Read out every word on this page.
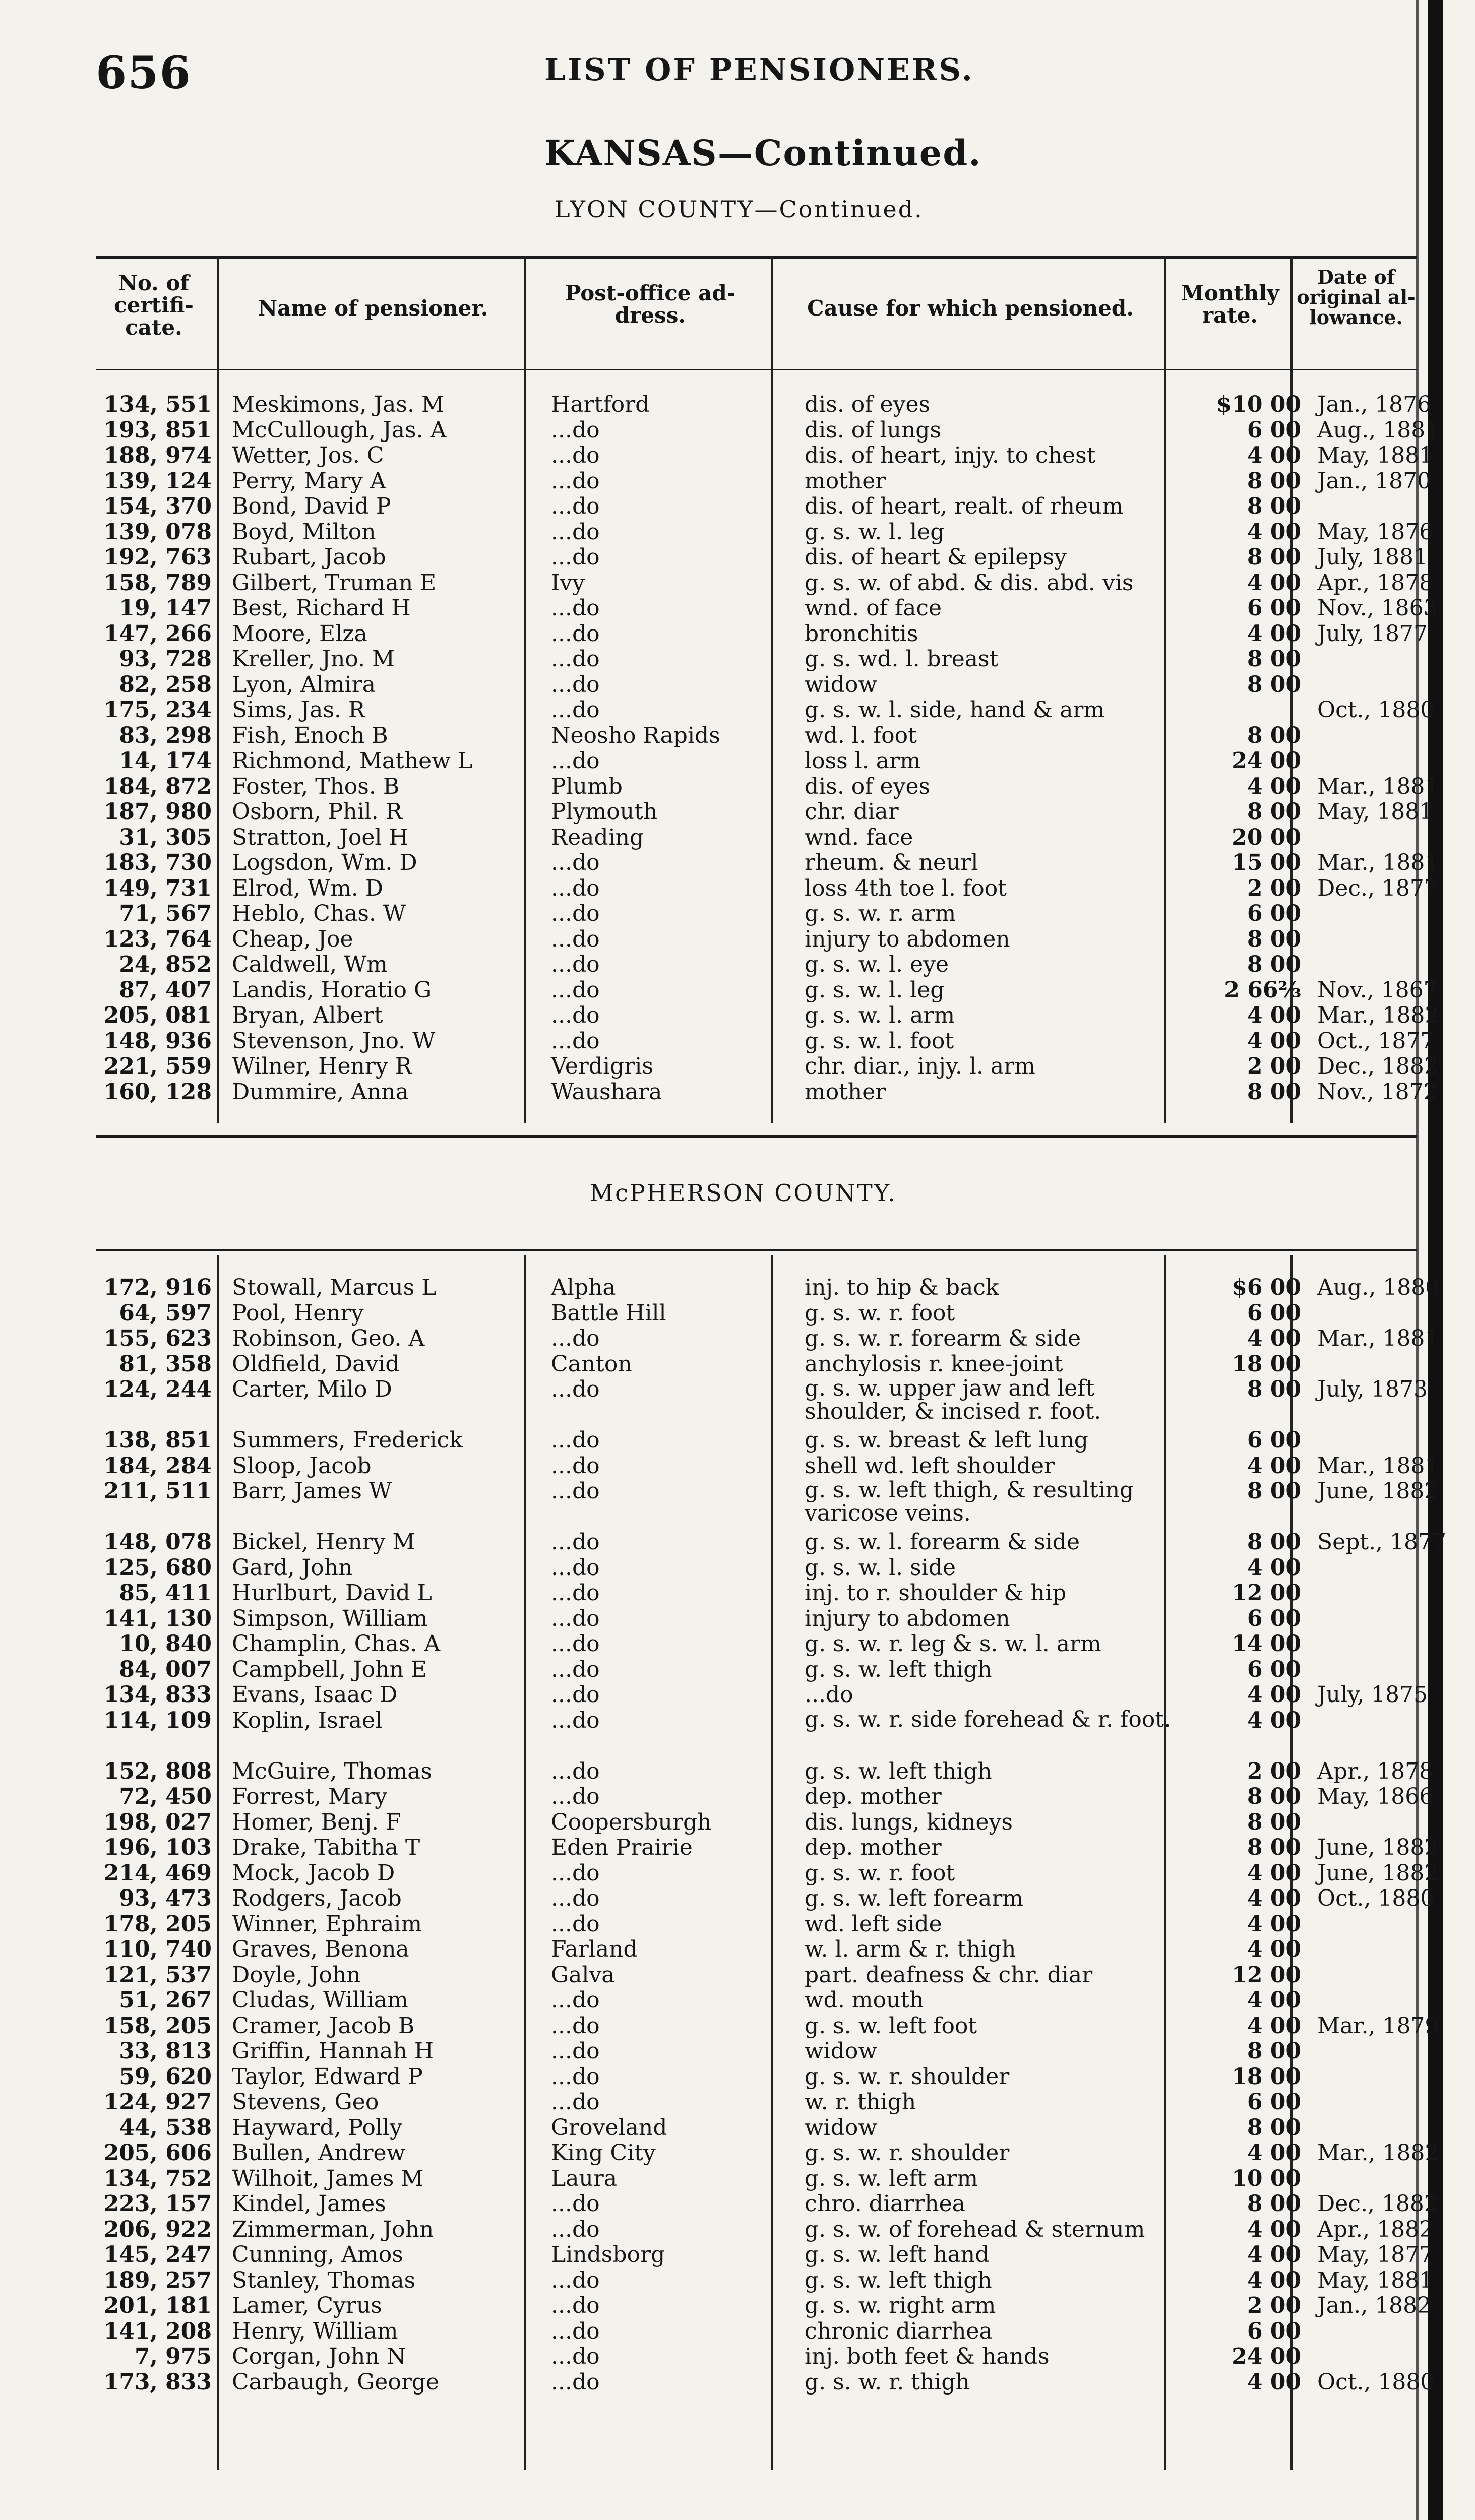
656	LIST OF PENSIONERS.
KANSAS—Continued.
LYON COUNTY—Continued.
No. of certifi- cate.
Name of pensioner.
Post-office ad- dress.	Cause for which pensioned.
Monthly rate.
Date of original al- lowance.
134, 551	Meskimons, Jas. M	Hartford	dis. of eyes	$10 00	Jan., 1876
193, 851	McCullough, Jas. A	...do	dis. of lungs	6 00	Aug., 1881
188, 974	Wetter, Jos. C	...do	dis. of heart, injy. to chest	4 00	May, 1881
139, 124	Perry, Mary A	...do	mother	8 00	Jan., 1870
154, 370	Bond, David P	...do	dis. of heart, realt. of rheum	8 00	
139, 078	Boyd, Milton	...do	g. s. w. l. leg	4 00	May, 1876
192, 763	Rubart, Jacob	...do	dis. of heart & epilepsy	8 00	July, 1881
158, 789	Gilbert, Truman E	Ivy	g. s. w. of abd. & dis. abd. vis	4 00	Apr., 1878
19, 147	Best, Richard H	...do	wnd. of face	6 00	Nov., 1863
147, 266	Moore, Elza	...do	bronchitis	4 00	July, 1877
93, 728	Kreller, Jno. M	...do	g. s. wd. l. breast	8 00	
82, 258	Lyon, Almira	...do	widow	8 00	
175, 234	Sims, Jas. R	...do	g. s. w. l. side, hand & arm		Oct., 1880
83, 298	Fish, Enoch B	Neosho Rapids	wd. l. foot	8 00	
14, 174	Richmond, Mathew L	...do	loss l. arm	24 00	
184, 872	Foster, Thos. B	Plumb	dis. of eyes	4 00	Mar., 1881
187, 980	Osborn, Phil. R	Plymouth	chr. diar	8 00	May, 1881
31, 305	Stratton, Joel H	Reading	wnd. face	20 00	
183, 730	Logsdon, Wm. D	...do	rheum. & neurl	15 00	Mar., 1881
149, 731	Elrod, Wm. D	...do	loss 4th toe l. foot	2 00	Dec., 1877
71, 567	Heblo, Chas. W	...do	g. s. w. r. arm	6 00	
123, 764	Cheap, Joe	...do	injury to abdomen	8 00	
24, 852	Caldwell, Wm	...do	g. s. w. l. eye	8 00	
87, 407	Landis, Horatio G	...do	g. s. w. l. leg	2 66⅔	Nov., 1867
205, 081	Bryan, Albert	...do	g. s. w. l. arm	4 00	Mar., 1882
148, 936	Stevenson, Jno. W	...do	g. s. w. l. foot	4 00	Oct., 1877
221, 559	Wilner, Henry R	Verdigris	chr. diar., injy. l. arm	2 00	Dec., 1882
160, 128	Dummire, Anna	Waushara	mother	8 00	Nov., 1872
McPHERSON COUNTY.
172, 916	Stowall, Marcus L	Alpha	inj. to hip & back	$6 00	Aug., 1880
64, 597	Pool, Henry	Battle Hill	g. s. w. r. foot	6 00	
155, 623	Robinson, Geo. A	...do	g. s. w. r. forearm & side	4 00	Mar., 1881
81, 358	Oldfield, David	Canton	anchylosis r. knee-joint	18 00	
124, 244	Carter, Milo D	...do	g. s. w. upper jaw and left shoulder, & incised r. foot.	8 00	July, 1873
138, 851	Summers, Frederick	...do	g. s. w. breast & left lung	6 00	
184, 284	Sloop, Jacob	...do	shell wd. left shoulder	4 00	Mar., 1881
211, 511	Barr, James W	...do	g. s. w. left thigh, & resulting varicose veins.	8 00	June, 1882
148, 078	Bickel, Henry M	...do	g. s. w. l. forearm & side	8 00	Sept., 1877
125, 680	Gard, John	...do	g. s. w. l. side	4 00	
85, 411	Hurlburt, David L	...do	inj. to r. shoulder & hip	12 00	
141, 130	Simpson, William	...do	injury to abdomen	6 00	
10, 840	Champlin, Chas. A	...do	g. s. w. r. leg & s. w. l. arm	14 00	
84, 007	Campbell, John E	...do	g. s. w. left thigh	6 00	
134, 833	Evans, Isaac D	...do	...do	4 00	July, 1875
114, 109	Koplin, Israel	...do	g. s. w. r. side forehead & r. foot.	4 00	
152, 808	McGuire, Thomas	...do	g. s. w. left thigh	2 00	Apr., 1878
72, 450	Forrest, Mary	...do	dep. mother	8 00	May, 1866
198, 027	Homer, Benj. F	Coopersburgh	dis. lungs, kidneys	8 00	
196, 103	Drake, Tabitha T	Eden Prairie	dep. mother	8 00	June, 1882
214, 469	Mock, Jacob D	...do	g. s. w. r. foot	4 00	June, 1882
93, 473	Rodgers, Jacob	...do	g. s. w. left forearm	4 00	Oct., 1880
178, 205	Winner, Ephraim	...do	wd. left side	4 00	
110, 740	Graves, Benona	Farland	w. l. arm & r. thigh	4 00	
121, 537	Doyle, John	Galva	part. deafness & chr. diar	12 00	
51, 267	Cludas, William	...do	wd. mouth	4 00	
158, 205	Cramer, Jacob B	...do	g. s. w. left foot	4 00	Mar., 1879
33, 813	Griffin, Hannah H	...do	widow	8 00	
59, 620	Taylor, Edward P	...do	g. s. w. r. shoulder	18 00	
124, 927	Stevens, Geo	...do	w. r. thigh	6 00	
44, 538	Hayward, Polly	Groveland	widow	8 00	
205, 606	Bullen, Andrew	King City	g. s. w. r. shoulder	4 00	Mar., 1882
134, 752	Wilhoit, James M	Laura	g. s. w. left arm	10 00	
223, 157	Kindel, James	...do	chro. diarrhea	8 00	Dec., 1882
206, 922	Zimmerman, John	...do	g. s. w. of forehead & sternum	4 00	Apr., 1882
145, 247	Cunning, Amos	Lindsborg	g. s. w. left hand	4 00	May, 1877
189, 257	Stanley, Thomas	...do	g. s. w. left thigh	4 00	May, 1881
201, 181	Lamer, Cyrus	...do	g. s. w. right arm	2 00	Jan., 1882
141, 208	Henry, William	...do	chronic diarrhea	6 00	
7, 975	Corgan, John N	...do	inj. both feet & hands	24 00	
173, 833	Carbaugh, George	...do	g. s. w. r. thigh	4 00	Oct., 1880
